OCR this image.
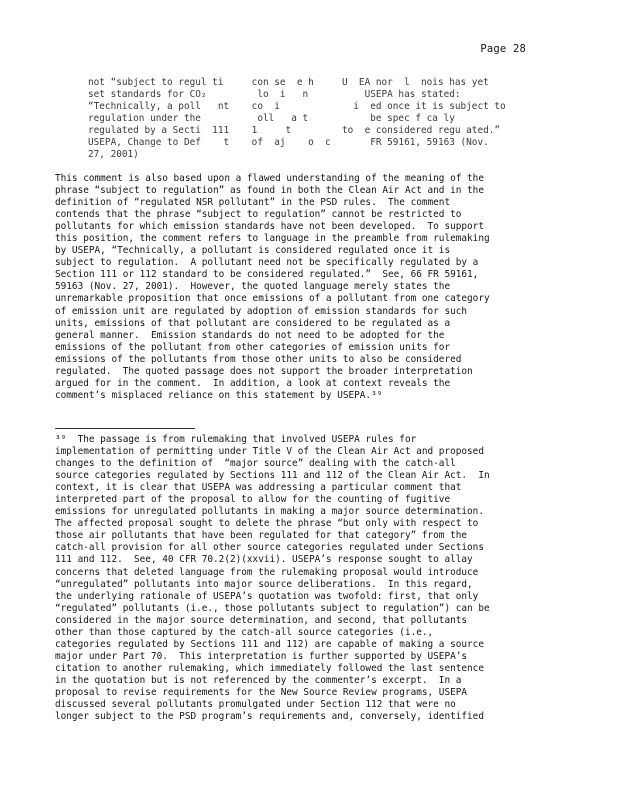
Page 28
not “subject to regul ti     con se  e h     U  EA nor  l  nois has yet
set standards for CO₂         lo  i   n          USEPA has stated:
“Technically, a poll   nt    co  i             i  ed once it is subject to
regulation under the          oll   a t           be spec f ca ly
regulated by a Secti  111    1     t         to  e considered regu ated.”
USEPA, Change to Def    t    of  aj    o  c       FR 59161, 59163 (Nov.
27, 2001)
This comment is also based upon a flawed understanding of the meaning of the
phrase “subject to regulation” as found in both the Clean Air Act and in the
definition of “regulated NSR pollutant” in the PSD rules.  The comment
contends that the phrase “subject to regulation” cannot be restricted to
pollutants for which emission standards have not been developed.  To support
this position, the comment refers to language in the preamble from rulemaking
by USEPA, “Technically, a pollutant is considered regulated once it is
subject to regulation.  A pollutant need not be specifically regulated by a
Section 111 or 112 standard to be considered regulated.”  See, 66 FR 59161,
59163 (Nov. 27, 2001).  However, the quoted language merely states the
unremarkable proposition that once emissions of a pollutant from one category
of emission unit are regulated by adoption of emission standards for such
units, emissions of that pollutant are considered to be regulated as a
general manner.  Emission standards do not need to be adopted for the
emissions of the pollutant from other categories of emission units for
emissions of the pollutants from those other units to also be considered
regulated.  The quoted passage does not support the broader interpretation
argued for in the comment.  In addition, a look at context reveals the
comment’s misplaced reliance on this statement by USEPA.³⁹
³⁹  The passage is from rulemaking that involved USEPA rules for
implementation of permitting under Title V of the Clean Air Act and proposed
changes to the definition of  “major source” dealing with the catch-all
source categories regulated by Sections 111 and 112 of the Clean Air Act.  In
context, it is clear that USEPA was addressing a particular comment that
interpreted part of the proposal to allow for the counting of fugitive
emissions for unregulated pollutants in making a major source determination.
The affected proposal sought to delete the phrase “but only with respect to
those air pollutants that have been regulated for that category” from the
catch-all provision for all other source categories regulated under Sections
111 and 112.  See, 40 CFR 70.2(2)(xxvii). USEPA’s response sought to allay
concerns that deleted language from the rulemaking proposal would introduce
“unregulated” pollutants into major source deliberations.  In this regard,
the underlying rationale of USEPA’s quotation was twofold: first, that only
“regulated” pollutants (i.e., those pollutants subject to regulation”) can be
considered in the major source determination, and second, that pollutants
other than those captured by the catch-all source categories (i.e.,
categories regulated by Sections 111 and 112) are capable of making a source
major under Part 70.  This interpretation is further supported by USEPA’s
citation to another rulemaking, which immediately followed the last sentence
in the quotation but is not referenced by the commenter’s excerpt.  In a
proposal to revise requirements for the New Source Review programs, USEPA
discussed several pollutants promulgated under Section 112 that were no
longer subject to the PSD program’s requirements and, conversely, identified
